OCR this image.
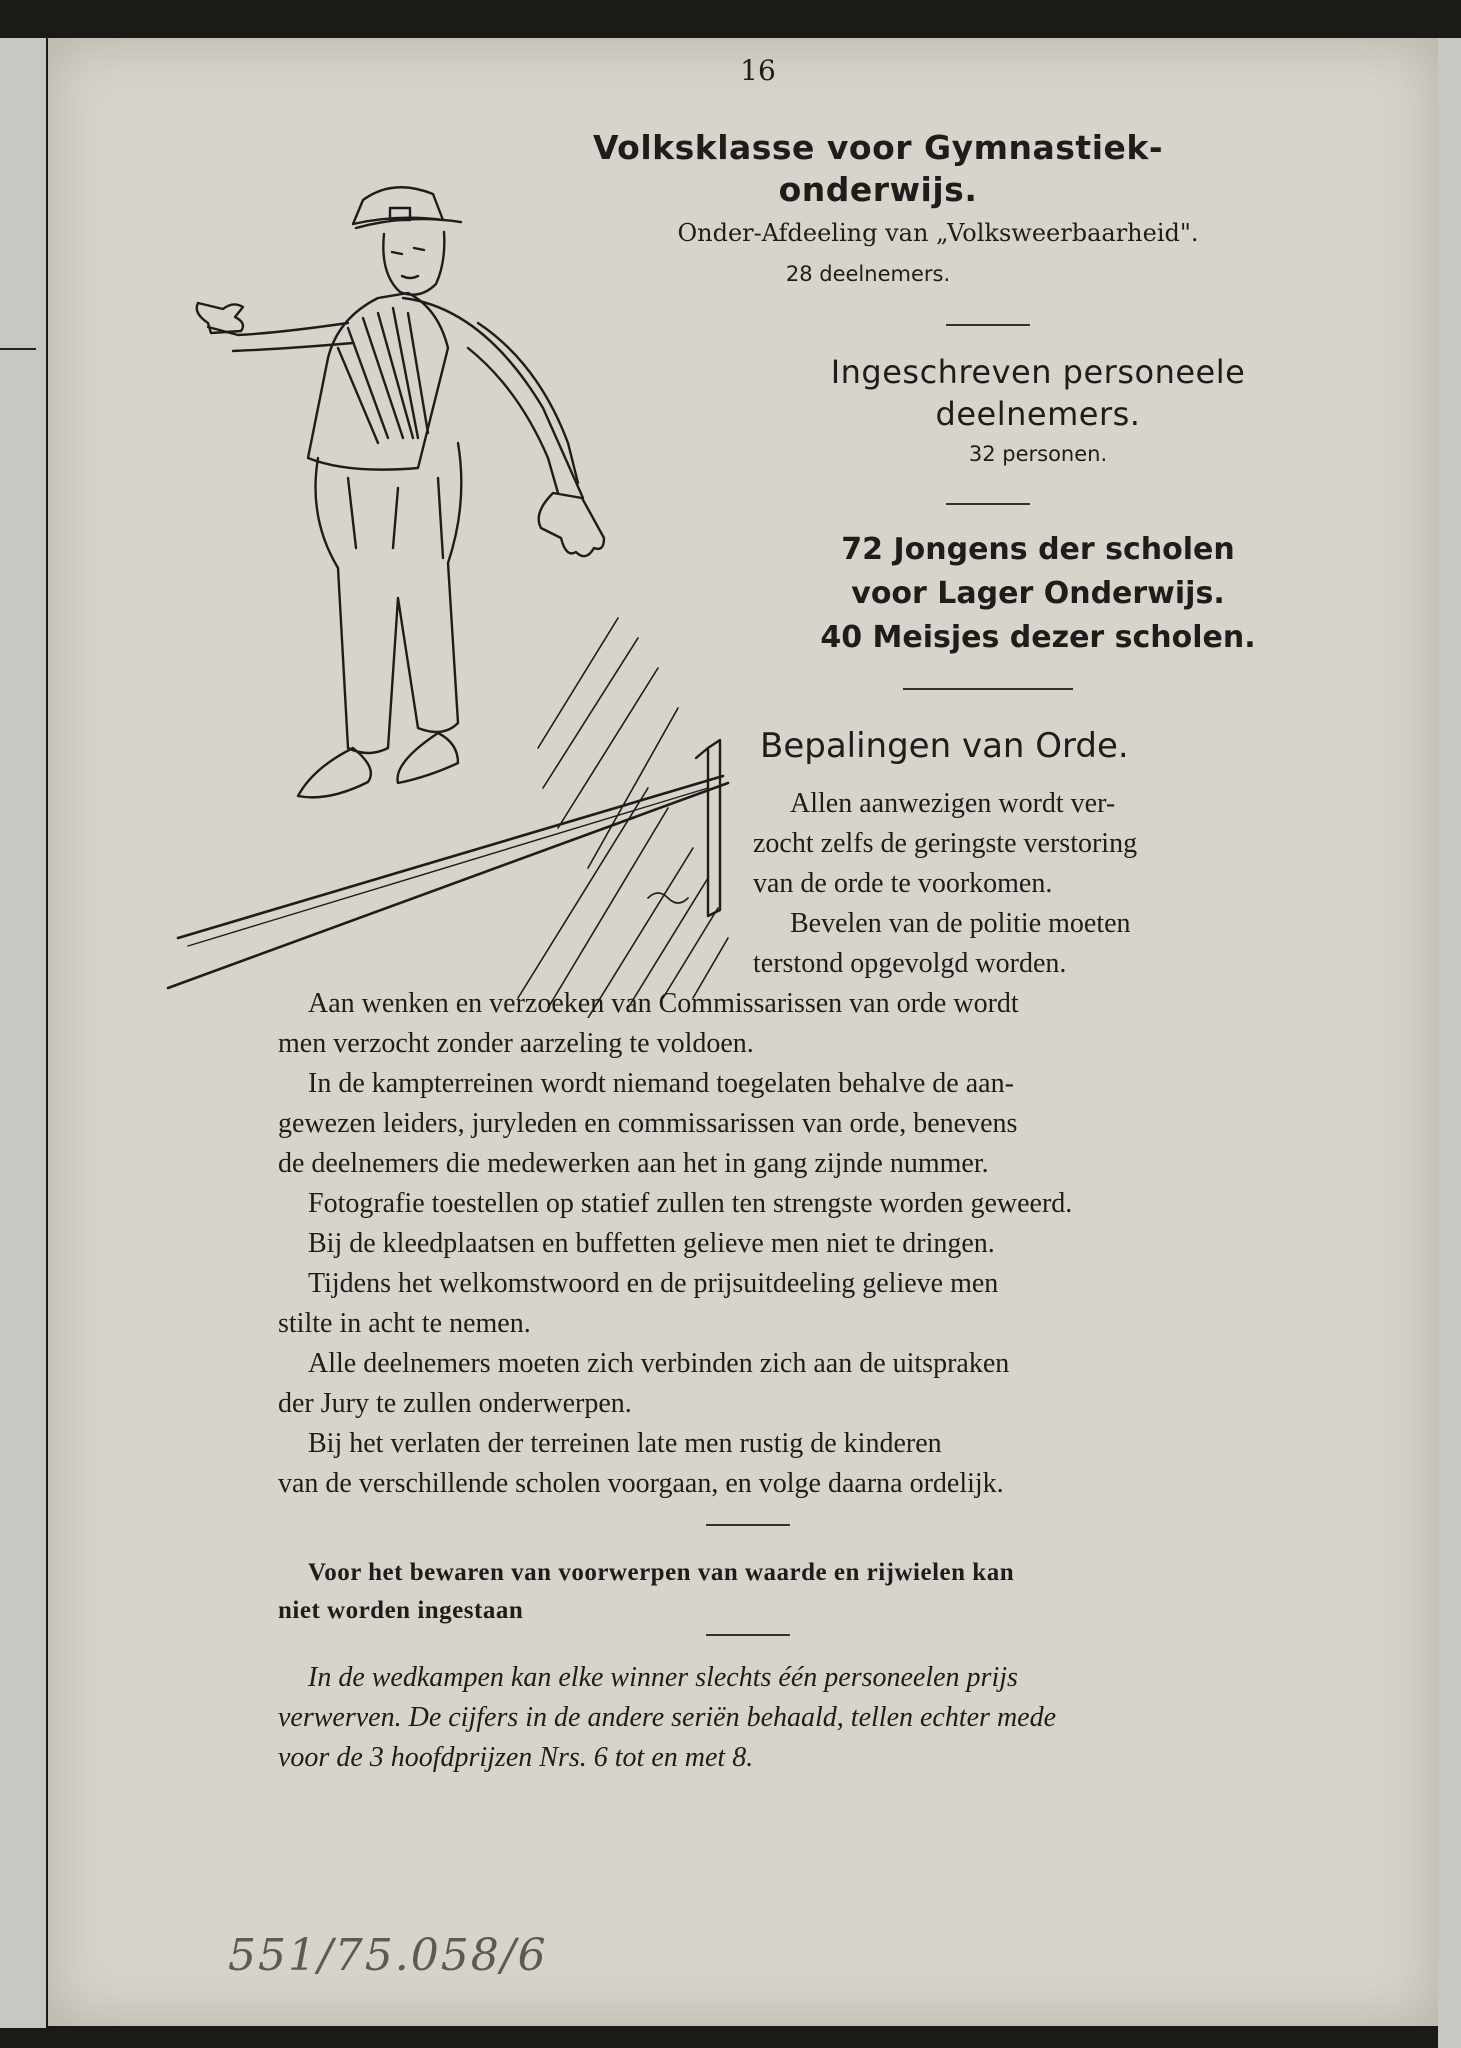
16
Volksklasse voor Gymnastiek-
onderwijs.
Onder-Afdeeling van „Volksweerbaarheid".
28 deelnemers.
Ingeschreven personeele
deelnemers.
32 personen.
72 Jongens der scholen
voor Lager Onderwijs.
40 Meisjes dezer scholen.
Bepalingen van Orde.
Allen aanwezigen wordt ver-
zocht zelfs de geringste verstoring
van de orde te voorkomen.
Bevelen van de politie moeten
terstond opgevolgd worden.
Aan wenken en verzoeken van Commissarissen van orde wordt
men verzocht zonder aarzeling te voldoen.
In de kampterreinen wordt niemand toegelaten behalve de aan-
gewezen leiders, juryleden en commissarissen van orde, benevens
de deelnemers die medewerken aan het in gang zijnde nummer.
Fotografie toestellen op statief zullen ten strengste worden geweerd.
Bij de kleedplaatsen en buffetten gelieve men niet te dringen.
Tijdens het welkomstwoord en de prijsuitdeeling gelieve men
stilte in acht te nemen.
Alle deelnemers moeten zich verbinden zich aan de uitspraken
der Jury te zullen onderwerpen.
Bij het verlaten der terreinen late men rustig de kinderen
van de verschillende scholen voorgaan, en volge daarna ordelijk.
Voor het bewaren van voorwerpen van waarde en rijwielen kan
niet worden ingestaan
In de wedkampen kan elke winner slechts één personeelen prijs
verwerven. De cijfers in de andere seriën behaald, tellen echter mede
voor de 3 hoofdprijzen Nrs. 6 tot en met 8.
551/75.058/6
